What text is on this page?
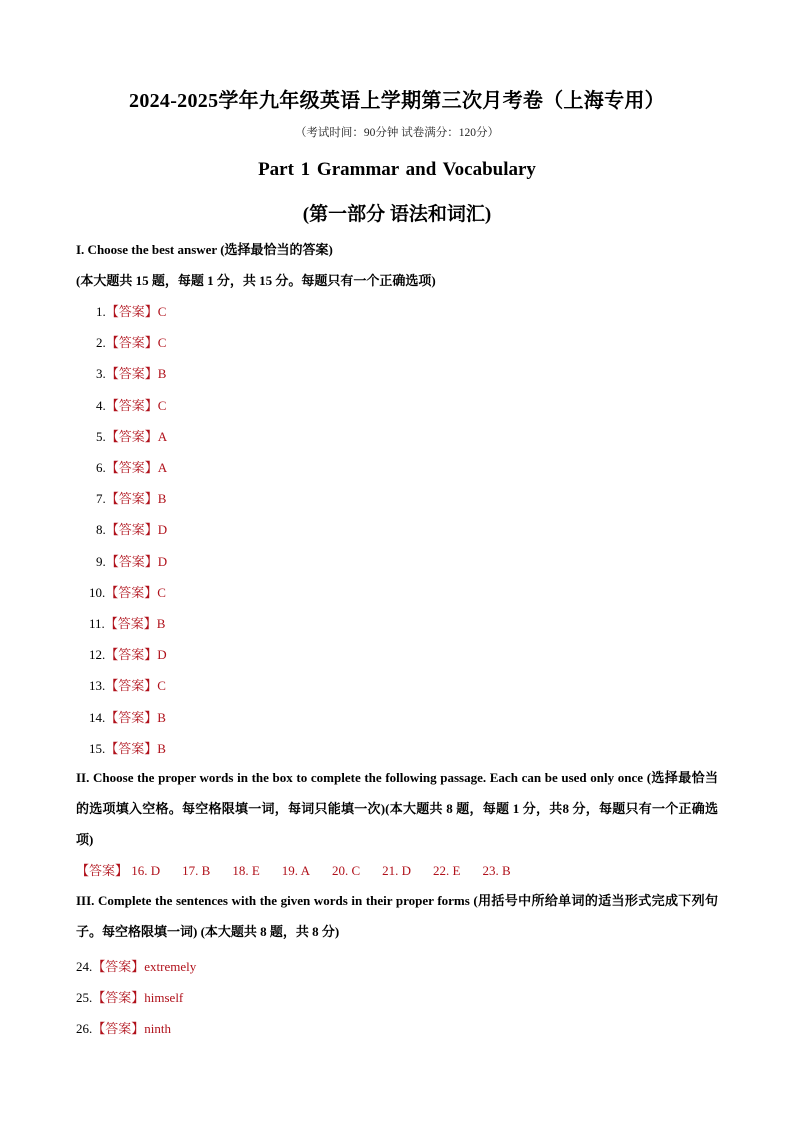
2024-2025学年九年级英语上学期第三次月考卷（上海专用）
（考试时间：90分钟 试卷满分：120分）
Part 1 Grammar and Vocabulary
(第一部分 语法和词汇)
I. Choose the best answer (选择最恰当的答案)
(本大题共 15 题，每题 1 分，共 15 分。每题只有一个正确选项)
1.【答案】C
2.【答案】C
3.【答案】B
4.【答案】C
5.【答案】A
6.【答案】A
7.【答案】B
8.【答案】D
9.【答案】D
10.【答案】C
11.【答案】B
12.【答案】D
13.【答案】C
14.【答案】B
15.【答案】B
II. Choose the proper words in the box to complete the following passage. Each can be used only once (选择最恰当的选项填入空格。每空格限填一词，每词只能填一次)(本大题共 8 题，每题 1 分，共8 分，每题只有一个正确选项)
【答案】 16. D 17. B 18. E 19. A 20. C 21. D 22. E 23. B
III. Complete the sentences with the given words in their proper forms (用括号中所给单词的适当形式完成下列句子。每空格限填一词) (本大题共 8 题，共 8 分)
24.【答案】extremely
25.【答案】himself
26.【答案】ninth
